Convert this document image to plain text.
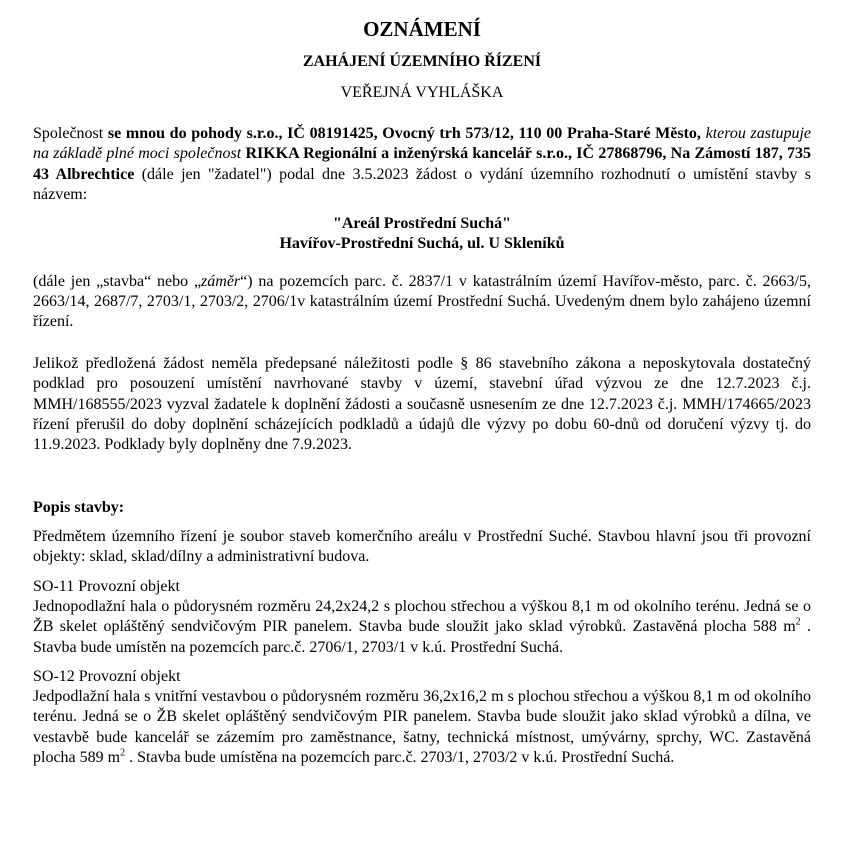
OZNÁMENÍ
ZAHÁJENÍ ÚZEMNÍHO ŘÍZENÍ
VEŘEJNÁ VYHLÁŠKA

Společnost se mnou do pohody s.r.o., IČ 08191425, Ovocný trh 573/12, 110 00 Praha-Staré Město, kterou zastupuje na základě plné moci společnost RIKKA Regionální a inženýrská kancelář s.r.o., IČ 27868796, Na Zámostí 187, 735 43 Albrechtice (dále jen "žadatel") podal dne 3.5.2023 žádost o vydání územního rozhodnutí o umístění stavby s názvem:

"Areál Prostřední Suchá"
Havířov-Prostřední Suchá, ul. U Skleníků

(dále jen „stavba“ nebo „záměr“) na pozemcích parc. č. 2837/1 v katastrálním území Havířov-město, parc. č. 2663/5, 2663/14, 2687/7, 2703/1, 2703/2, 2706/1v katastrálním území Prostřední Suchá. Uvedeným dnem bylo zahájeno územní řízení.

Jelikož předložená žádost neměla předepsané náležitosti podle § 86 stavebního zákona a neposkytovala dostatečný podklad pro posouzení umístění navrhované stavby v území, stavební úřad výzvou ze dne 12.7.2023 č.j. MMH/168555/2023 vyzval žadatele k doplnění žádosti a současně usnesením ze dne 12.7.2023 č.j. MMH/174665/2023 řízení přerušil do doby doplnění scházejících podkladů a údajů dle výzvy po dobu 60-dnů od doručení výzvy tj. do 11.9.2023. Podklady byly doplněny dne 7.9.2023.

Popis stavby:

Předmětem územního řízení je soubor staveb komerčního areálu v Prostřední Suché. Stavbou hlavní jsou tři provozní objekty: sklad, sklad/dílny a administrativní budova.

SO-11 Provozní objekt

Jednopodlažní hala o půdorysném rozměru 24,2x24,2 s plochou střechou a výškou 8,1 m od okolního terénu. Jedná se o ŽB skelet opláštěný sendvičovým PIR panelem. Stavba bude sloužit jako sklad výrobků. Zastavěná plocha 588 $m^2$ . Stavba bude umístěn na pozemcích parc.č. 2706/1, 2703/1 v k.ú. Prostřední Suchá.

SO-12 Provozní objekt

Jedpodlažní hala s vnitřní vestavbou o půdorysném rozměru 36,2x16,2 m s plochou střechou a výškou 8,1 m od okolního terénu. Jedná se o ŽB skelet opláštěný sendvičovým PIR panelem. Stavba bude sloužit jako sklad výrobků a dílna, ve vestavbě bude kancelář se zázemím pro zaměstnance, šatny, technická místnost, umývárny, sprchy, WC. Zastavěná plocha 589 $m^2$ . Stavba bude umístěna na pozemcích parc.č. 2703/1, 2703/2 v k.ú. Prostřední Suchá.
